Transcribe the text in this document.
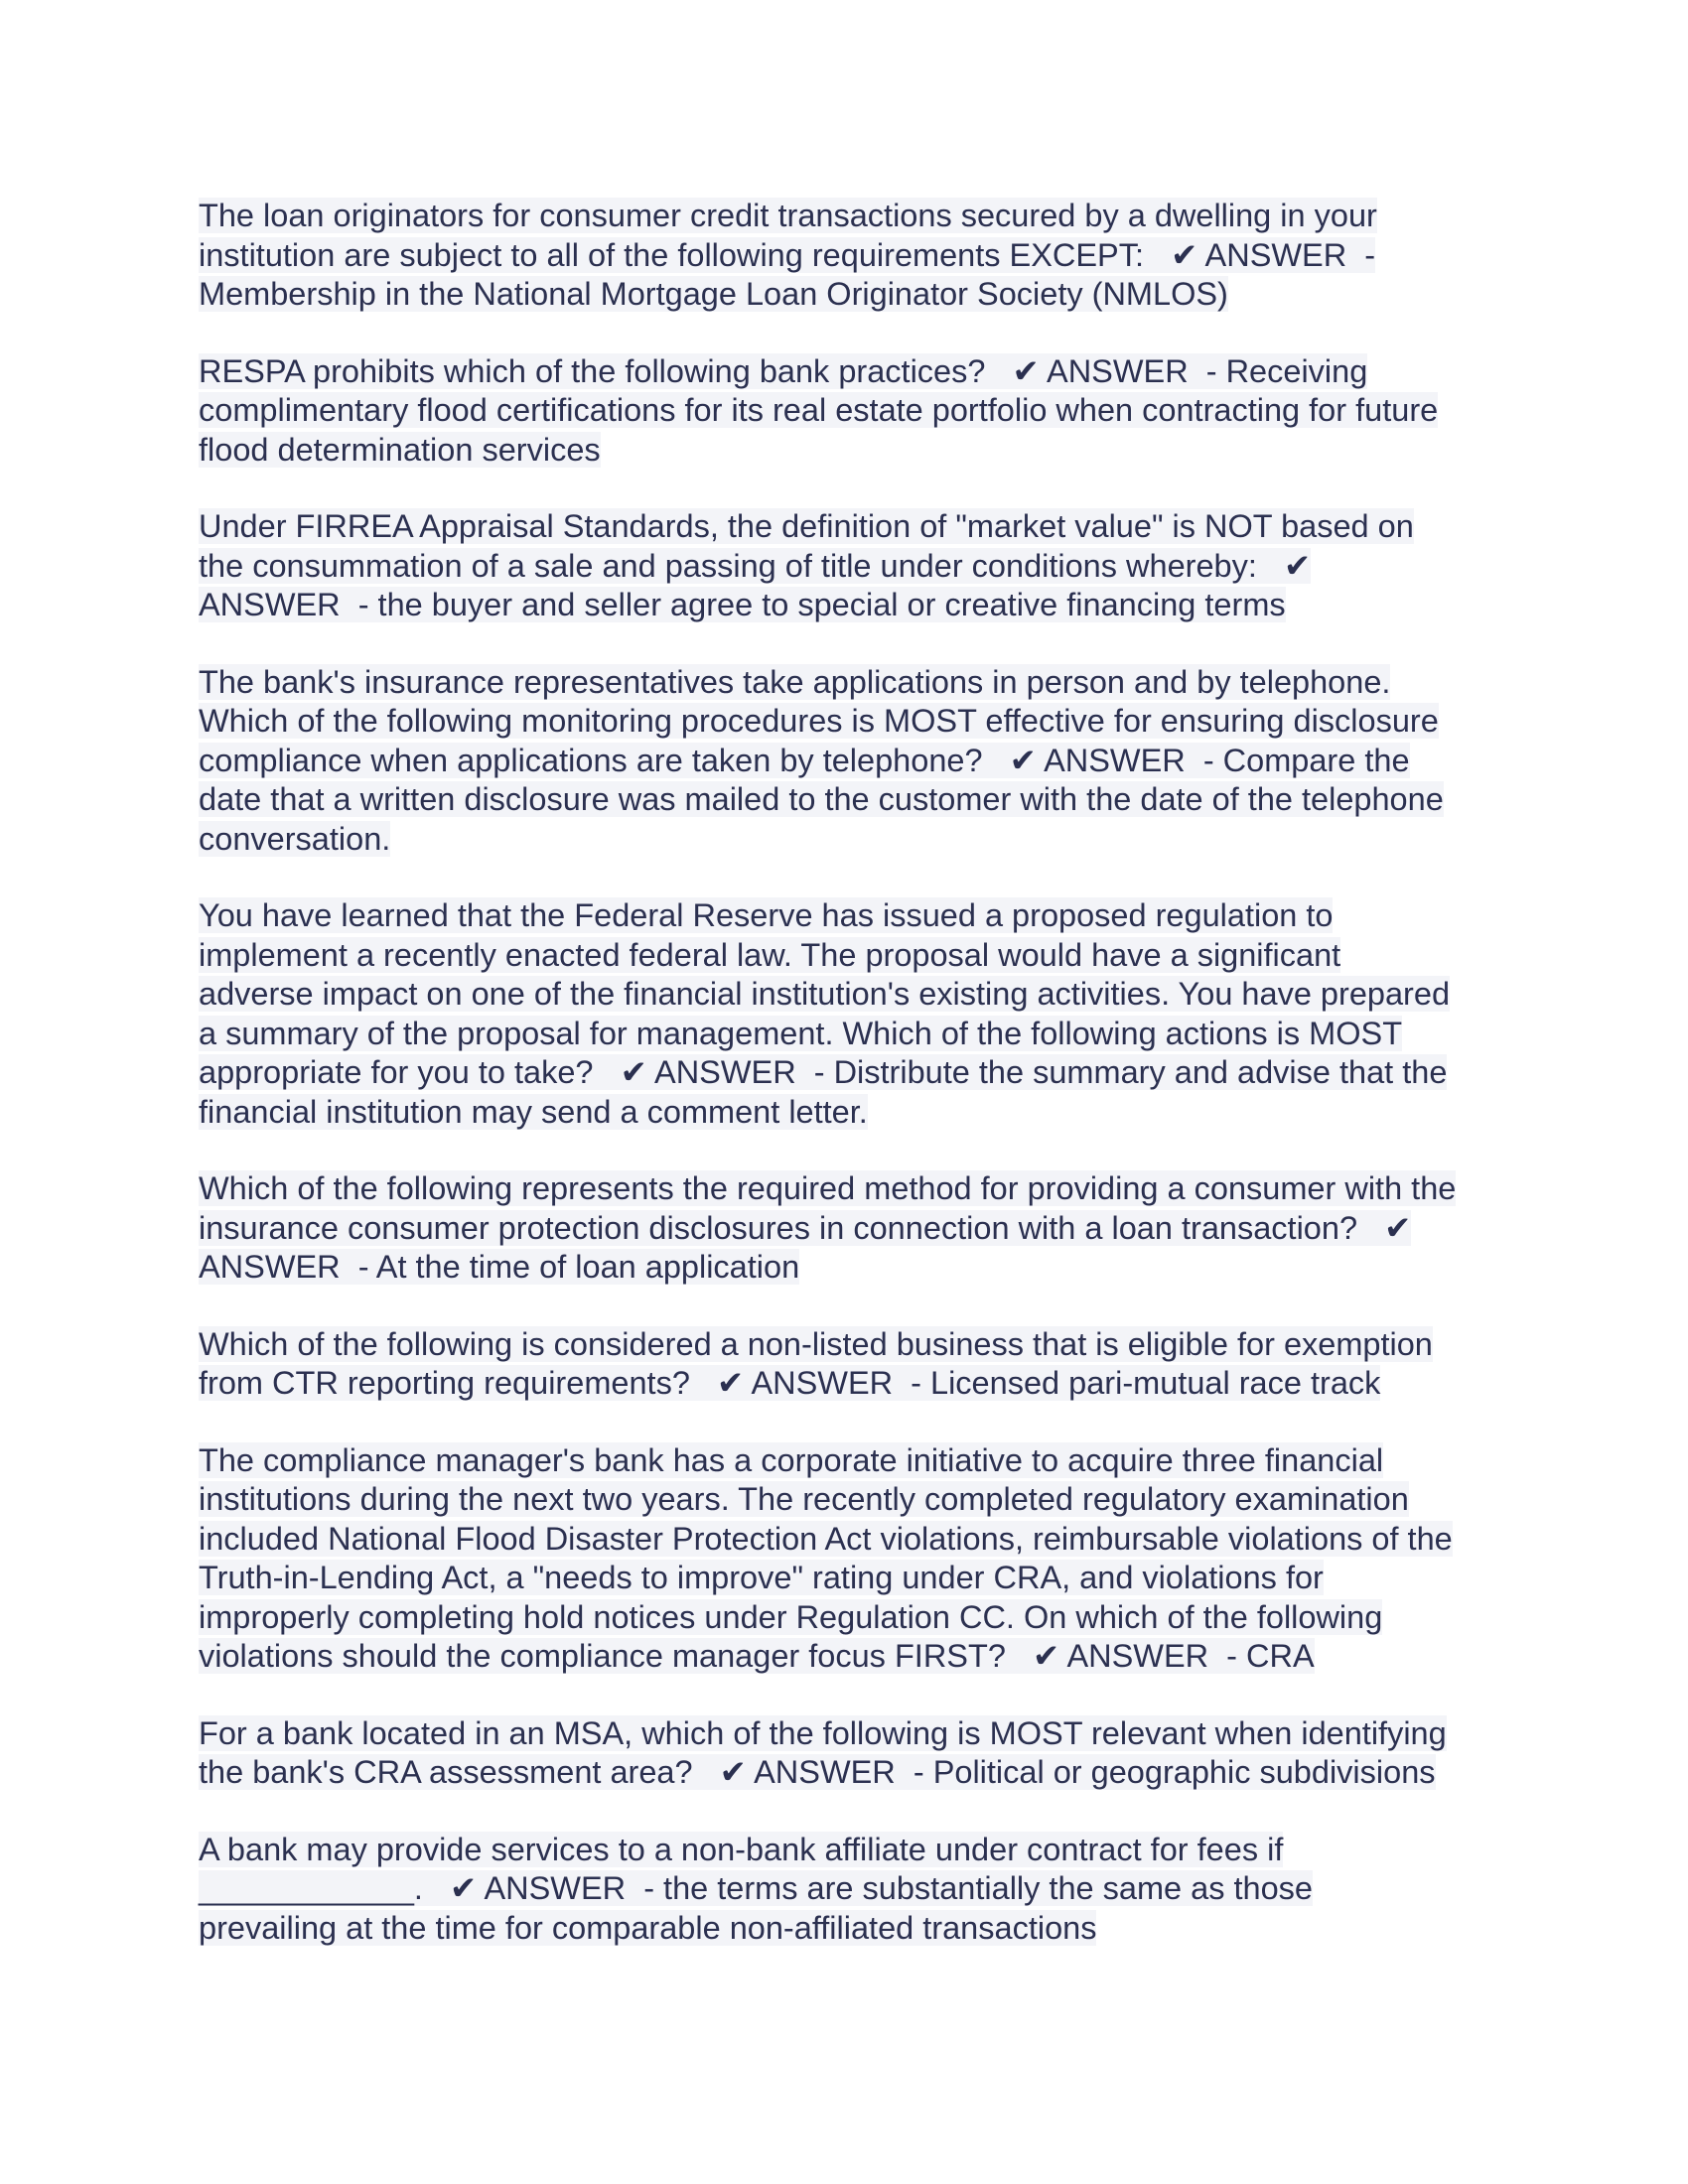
The loan originators for consumer credit transactions secured by a dwelling in your
institution are subject to all of the following requirements EXCEPT:   ✔ ANSWER  -
Membership in the National Mortgage Loan Originator Society (NMLOS)
RESPA prohibits which of the following bank practices?   ✔ ANSWER  - Receiving
complimentary flood certifications for its real estate portfolio when contracting for future
flood determination services
Under FIRREA Appraisal Standards, the definition of "market value" is NOT based on
the consummation of a sale and passing of title under conditions whereby:   ✔
ANSWER  - the buyer and seller agree to special or creative financing terms
The bank's insurance representatives take applications in person and by telephone.
Which of the following monitoring procedures is MOST effective for ensuring disclosure
compliance when applications are taken by telephone?   ✔ ANSWER  - Compare the
date that a written disclosure was mailed to the customer with the date of the telephone
conversation.
You have learned that the Federal Reserve has issued a proposed regulation to
implement a recently enacted federal law. The proposal would have a significant
adverse impact on one of the financial institution's existing activities. You have prepared
a summary of the proposal for management. Which of the following actions is MOST
appropriate for you to take?   ✔ ANSWER  - Distribute the summary and advise that the
financial institution may send a comment letter.
Which of the following represents the required method for providing a consumer with the
insurance consumer protection disclosures in connection with a loan transaction?   ✔
ANSWER  - At the time of loan application
Which of the following is considered a non-listed business that is eligible for exemption
from CTR reporting requirements?   ✔ ANSWER  - Licensed pari-mutual race track
The compliance manager's bank has a corporate initiative to acquire three financial
institutions during the next two years. The recently completed regulatory examination
included National Flood Disaster Protection Act violations, reimbursable violations of the
Truth-in-Lending Act, a "needs to improve" rating under CRA, and violations for
improperly completing hold notices under Regulation CC. On which of the following
violations should the compliance manager focus FIRST?   ✔ ANSWER  - CRA
For a bank located in an MSA, which of the following is MOST relevant when identifying
the bank's CRA assessment area?   ✔ ANSWER  - Political or geographic subdivisions
A bank may provide services to a non-bank affiliate under contract for fees if
____________.   ✔ ANSWER  - the terms are substantially the same as those
prevailing at the time for comparable non-affiliated transactions
